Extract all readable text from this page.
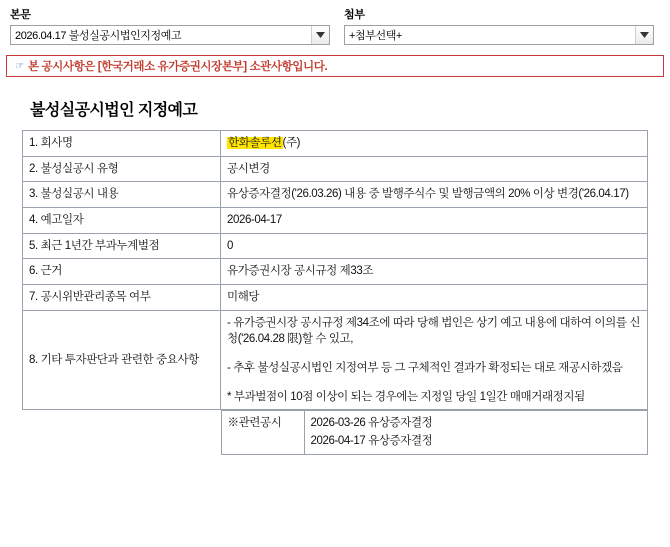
본문
2026.04.17 불성실공시법인지정예고
첨부
+첨부선택+
☞ 본 공시사항은 [한국거래소 유가증권시장본부] 소관사항입니다.
불성실공시법인 지정예고
1. 회사명	한화솔루션(주)
2. 불성실공시 유형	공시변경
3. 불성실공시 내용	유상증자결정('26.03.26) 내용 중 발행주식수 및 발행금액의 20% 이상 변경('26.04.17)
4. 예고일자	2026-04-17
5. 최근 1년간 부과누계벌점	0
6. 근거	유가증권시장 공시규정 제33조
7. 공시위반관리종목 여부	미해당
8. 기타 투자판단과 관련한 중요사항	

- 유가증권시장 공시규정 제34조에 따라 당해 법인은 상기 예고 내용에 대하여 이의를 신청('26.04.28 限)할 수 있고,

- 추후 불성실공시법인 지정여부 등 그 구체적인 결과가 확정되는 대로 재공시하겠음

* 부과벌점이 10점 이상이 되는 경우에는 지정일 당일 1일간 매매거래정지됨

※관련공시	2026-03-26 유상증자결정
2026-04-17 유상증자결정
